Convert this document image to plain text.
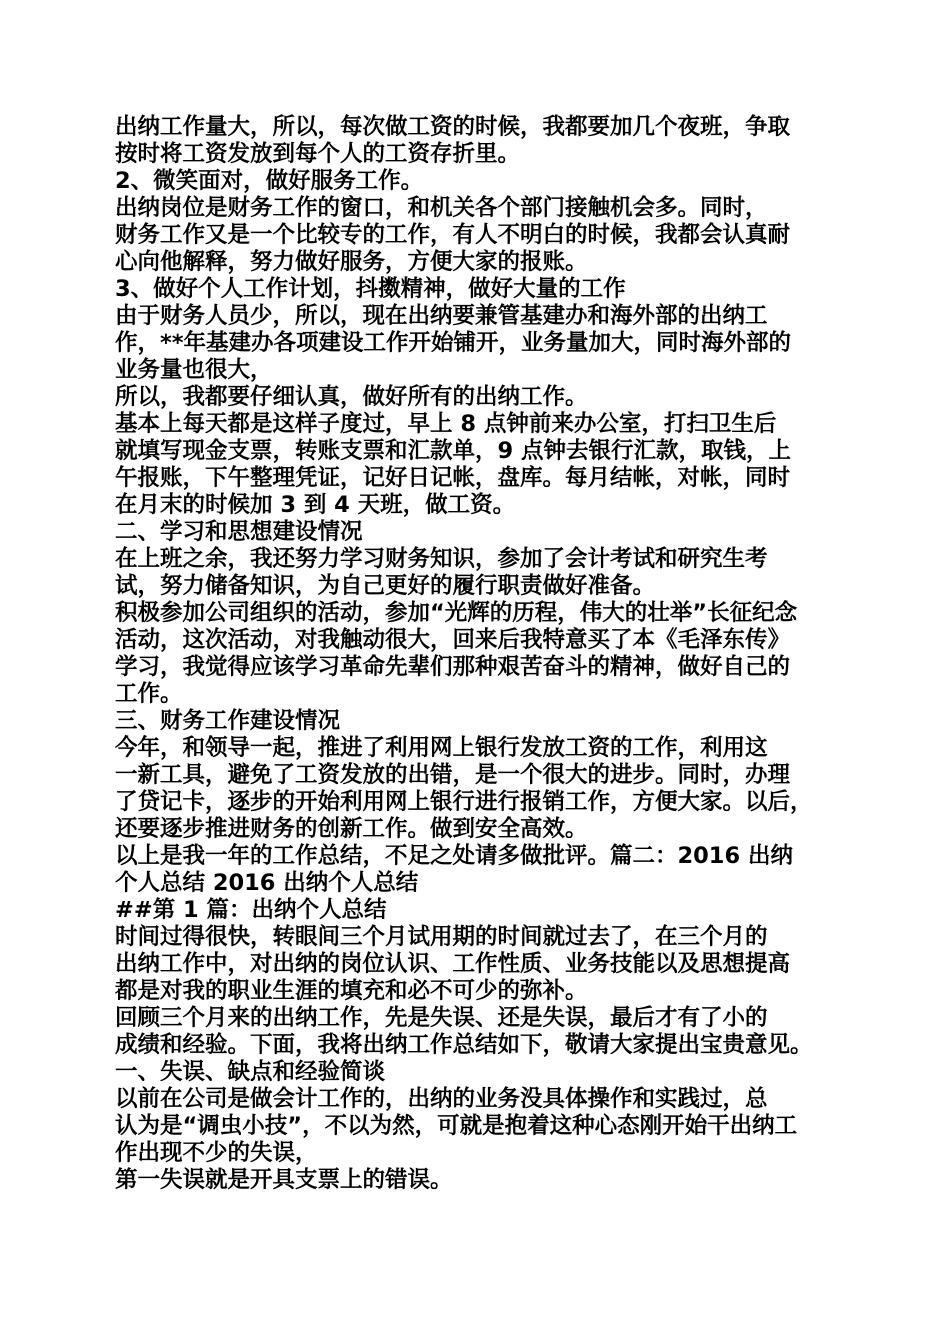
出纳工作量大，所以，每次做工资的时候，我都要加几个夜班，争取
按时将工资发放到每个人的工资存折里。
2、微笑面对，做好服务工作。
出纳岗位是财务工作的窗口，和机关各个部门接触机会多。同时，
财务工作又是一个比较专的工作，有人不明白的时候，我都会认真耐
心向他解释，努力做好服务，方便大家的报账。
3、做好个人工作计划，抖擞精神，做好大量的工作
由于财务人员少，所以，现在出纳要兼管基建办和海外部的出纳工
作，**年基建办各项建设工作开始铺开，业务量加大，同时海外部的
业务量也很大，
所以，我都要仔细认真，做好所有的出纳工作。
基本上每天都是这样子度过，早上 8 点钟前来办公室，打扫卫生后
就填写现金支票，转账支票和汇款单，9 点钟去银行汇款，取钱，上
午报账，下午整理凭证，记好日记帐，盘库。每月结帐，对帐，同时
在月末的时候加 3 到 4 天班，做工资。
二、学习和思想建设情况
在上班之余，我还努力学习财务知识，参加了会计考试和研究生考
试，努力储备知识，为自己更好的履行职责做好准备。
积极参加公司组织的活动，参加“光辉的历程，伟大的壮举”长征纪念
活动，这次活动，对我触动很大，回来后我特意买了本《毛泽东传》
学习，我觉得应该学习革命先辈们那种艰苦奋斗的精神，做好自己的
工作。
三、财务工作建设情况
今年，和领导一起，推进了利用网上银行发放工资的工作，利用这
一新工具，避免了工资发放的出错，是一个很大的进步。同时，办理
了贷记卡，逐步的开始利用网上银行进行报销工作，方便大家。以后，
还要逐步推进财务的创新工作。做到安全高效。
以上是我一年的工作总结，不足之处请多做批评。篇二：2016 出纳
个人总结 2016 出纳个人总结
##第 1 篇：出纳个人总结
时间过得很快，转眼间三个月试用期的时间就过去了，在三个月的
出纳工作中，对出纳的岗位认识、工作性质、业务技能以及思想提高
都是对我的职业生涯的填充和必不可少的弥补。
回顾三个月来的出纳工作，先是失误、还是失误，最后才有了小的
成绩和经验。下面，我将出纳工作总结如下，敬请大家提出宝贵意见。
一、失误、缺点和经验简谈
以前在公司是做会计工作的，出纳的业务没具体操作和实践过，总
认为是“调虫小技”，不以为然，可就是抱着这种心态刚开始干出纳工
作出现不少的失误，
第一失误就是开具支票上的错误。
